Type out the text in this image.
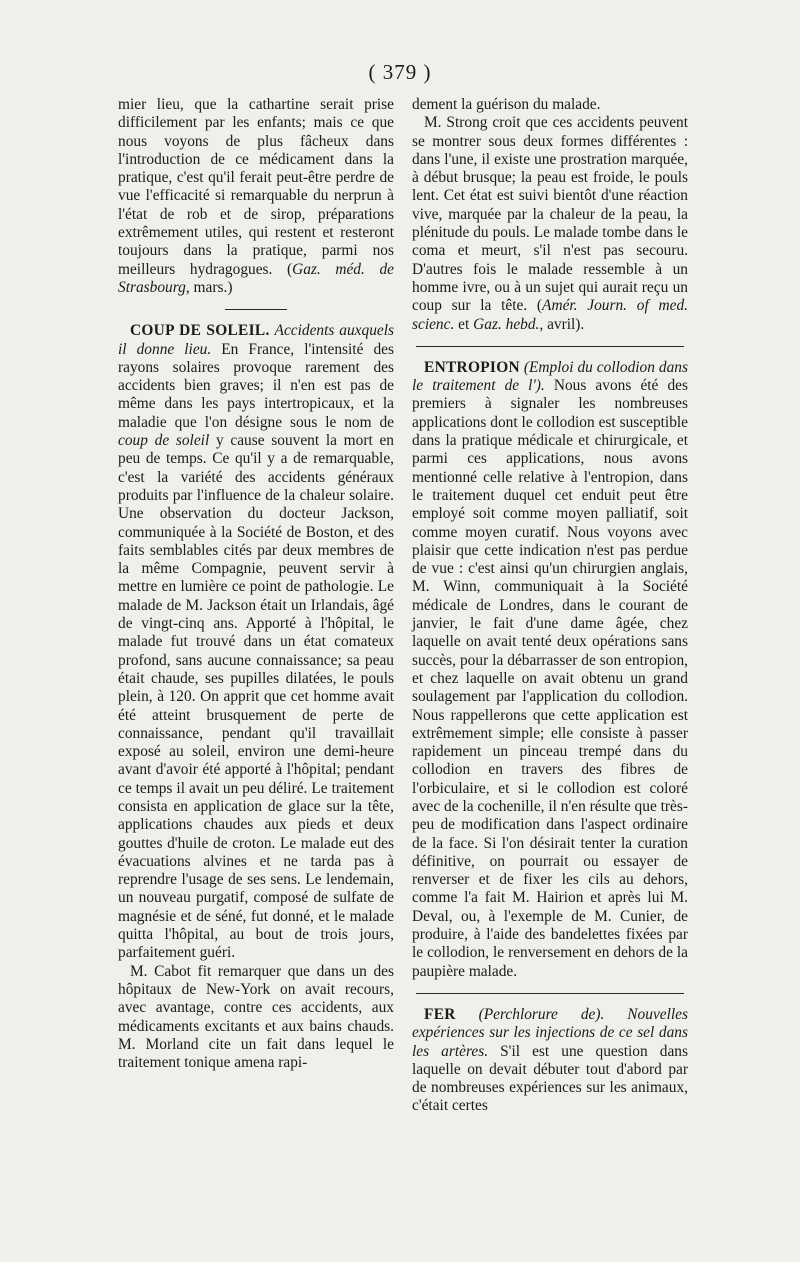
( 379 )

mier lieu, que la cathartine serait prise difficilement par les enfants; mais ce que nous voyons de plus fâcheux dans l'introduction de ce médicament dans la pratique, c'est qu'il ferait peut-être perdre de vue l'efficacité si remarquable du nerprun à l'état de rob et de sirop, préparations extrêmement utiles, qui restent et resteront toujours dans la pratique, parmi nos meilleurs hydragogues. (Gaz. méd. de Strasbourg, mars.)

COUP DE SOLEIL. Accidents auxquels il donne lieu. En France, l'intensité des rayons solaires provoque rarement des accidents bien graves; il n'en est pas de même dans les pays intertropicaux, et la maladie que l'on désigne sous le nom de coup de soleil y cause souvent la mort en peu de temps. Ce qu'il y a de remarquable, c'est la variété des accidents généraux produits par l'influence de la chaleur solaire. Une observation du docteur Jackson, communiquée à la Société de Boston, et des faits semblables cités par deux membres de la même Compagnie, peuvent servir à mettre en lumière ce point de pathologie. Le malade de M. Jackson était un Irlandais, âgé de vingt-cinq ans. Apporté à l'hôpital, le malade fut trouvé dans un état comateux profond, sans aucune connaissance; sa peau était chaude, ses pupilles dilatées, le pouls plein, à 120. On apprit que cet homme avait été atteint brusquement de perte de connaissance, pendant qu'il travaillait exposé au soleil, environ une demi-heure avant d'avoir été apporté à l'hôpital; pendant ce temps il avait un peu déliré. Le traitement consista en application de glace sur la tête, applications chaudes aux pieds et deux gouttes d'huile de croton. Le malade eut des évacuations alvines et ne tarda pas à reprendre l'usage de ses sens. Le lendemain, un nouveau purgatif, composé de sulfate de magnésie et de séné, fut donné, et le malade quitta l'hôpital, au bout de trois jours, parfaitement guéri.

M. Cabot fit remarquer que dans un des hôpitaux de New-York on avait recours, avec avantage, contre ces accidents, aux médicaments excitants et aux bains chauds. M. Morland cite un fait dans lequel le traitement tonique amena rapi-

dement la guérison du malade.

M. Strong croit que ces accidents peuvent se montrer sous deux formes différentes : dans l'une, il existe une prostration marquée, à début brusque; la peau est froide, le pouls lent. Cet état est suivi bientôt d'une réaction vive, marquée par la chaleur de la peau, la plénitude du pouls. Le malade tombe dans le coma et meurt, s'il n'est pas secouru. D'autres fois le malade ressemble à un homme ivre, ou à un sujet qui aurait reçu un coup sur la tête. (Amér. Journ. of med. scienc. et Gaz. hebd., avril).

ENTROPION (Emploi du collodion dans le traitement de l'). Nous avons été des premiers à signaler les nombreuses applications dont le collodion est susceptible dans la pratique médicale et chirurgicale, et parmi ces applications, nous avons mentionné celle relative à l'entropion, dans le traitement duquel cet enduit peut être employé soit comme moyen palliatif, soit comme moyen curatif. Nous voyons avec plaisir que cette indication n'est pas perdue de vue : c'est ainsi qu'un chirurgien anglais, M. Winn, communiquait à la Société médicale de Londres, dans le courant de janvier, le fait d'une dame âgée, chez laquelle on avait tenté deux opérations sans succès, pour la débarrasser de son entropion, et chez laquelle on avait obtenu un grand soulagement par l'application du collodion. Nous rappellerons que cette application est extrêmement simple; elle consiste à passer rapidement un pinceau trempé dans du collodion en travers des fibres de l'orbiculaire, et si le collodion est coloré avec de la cochenille, il n'en résulte que très-peu de modification dans l'aspect ordinaire de la face. Si l'on désirait tenter la curation définitive, on pourrait ou essayer de renverser et de fixer les cils au dehors, comme l'a fait M. Hairion et après lui M. Deval, ou, à l'exemple de M. Cunier, de produire, à l'aide des bandelettes fixées par le collodion, le renversement en dehors de la paupière malade.

FER (Perchlorure de). Nouvelles expériences sur les injections de ce sel dans les artères. S'il est une question dans laquelle on devait débuter tout d'abord par de nombreuses expériences sur les animaux, c'était certes
